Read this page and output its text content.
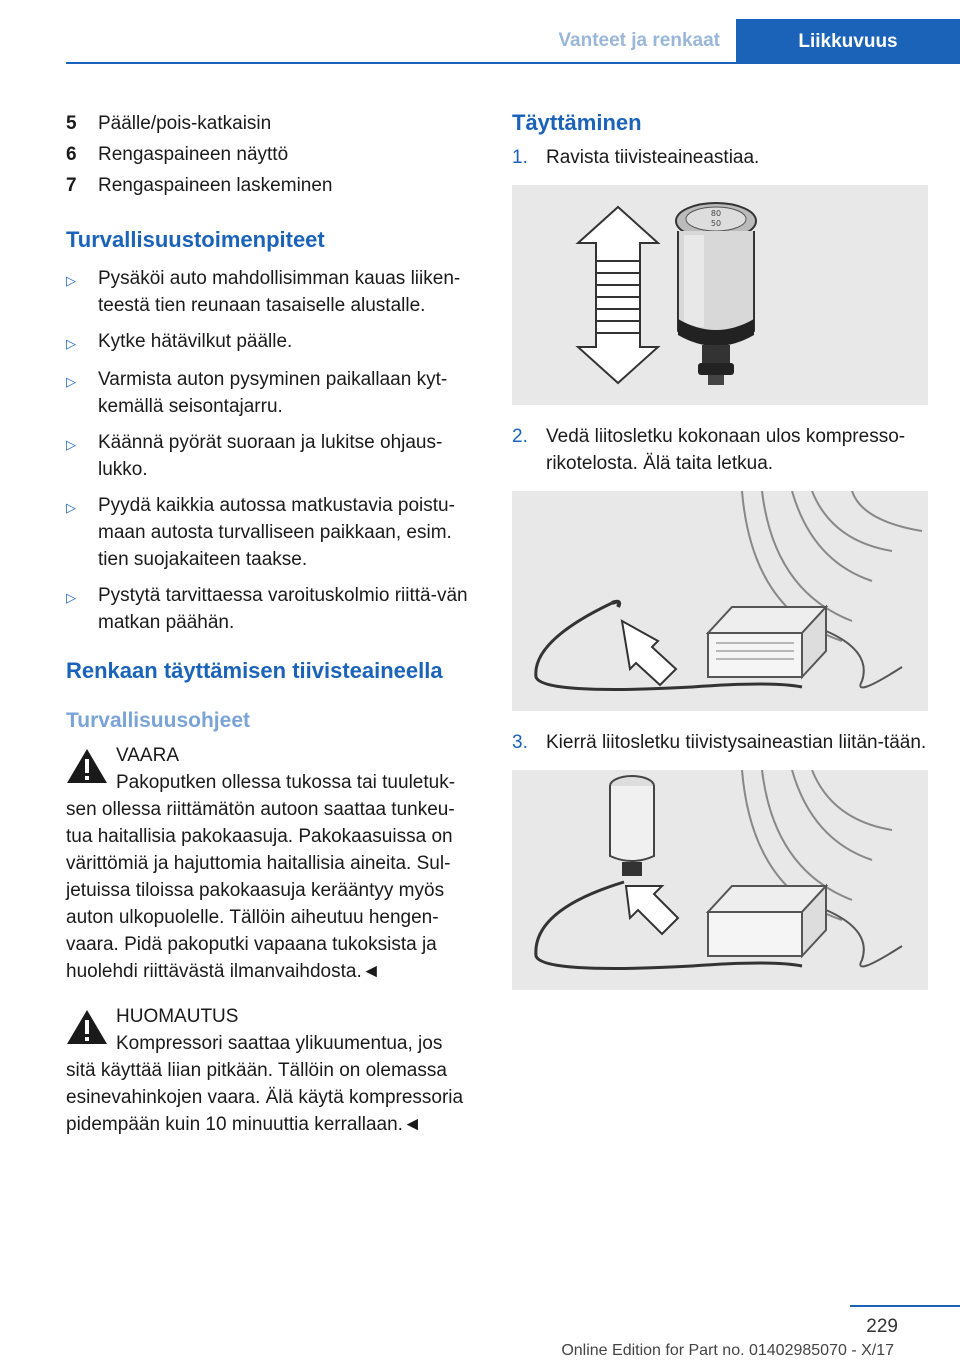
Vanteet ja renkaat	Liikkuvuus
5	Päälle/pois-katkaisin
6	Rengaspaineen näyttö
7	Rengaspaineen laskeminen
Turvallisuustoimenpiteet
▷	Pysäköi auto mahdollisimman kauas liiken-teestä tien reunaan tasaiselle alustalle.
▷	Kytke hätävilkut päälle.
▷	Varmista auton pysyminen paikallaan kyt-kemällä seisontajarru.
▷	Käännä pyörät suoraan ja lukitse ohjaus-lukko.
▷	Pyydä kaikkia autossa matkustavia poistu-maan autosta turvalliseen paikkaan, esim. tien suojakaiteen taakse.
▷	Pystytä tarvittaessa varoituskolmio riittä-vän matkan päähän.
Renkaan täyttämisen tiivisteaineella
Turvallisuusohjeet
VAARA
Pakoputken ollessa tukossa tai tuuletuk-
sen ollessa riittämätön autoon saattaa tunkeu-tua haitallisia pakokaasuja. Pakokaasuissa on värittömiä ja hajuttomia haitallisia aineita. Sul-jetuissa tiloissa pakokaasuja kerääntyy myös auton ulkopuolelle. Tällöin aiheutuu hengen-vaara. Pidä pakoputki vapaana tukoksista ja huolehdi riittävästä ilmanvaihdosta.◄
HUOMAUTUS
Kompressori saattaa ylikuumentua, jos
sitä käyttää liian pitkään. Tällöin on olemassa esinevahinkojen vaara. Älä käytä kompressoria pidempään kuin 10 minuuttia kerrallaan.◄
Täyttäminen
1. Ravista tiivisteaineastiaa.
80
50
2. Vedä liitosletku kokonaan ulos kompresso-rikotelosta. Älä taita letkua.
3. Kierrä liitosletku tiivistysaineastian liitän-tään.
229
Online Edition for Part no. 01402985070 - X/17
